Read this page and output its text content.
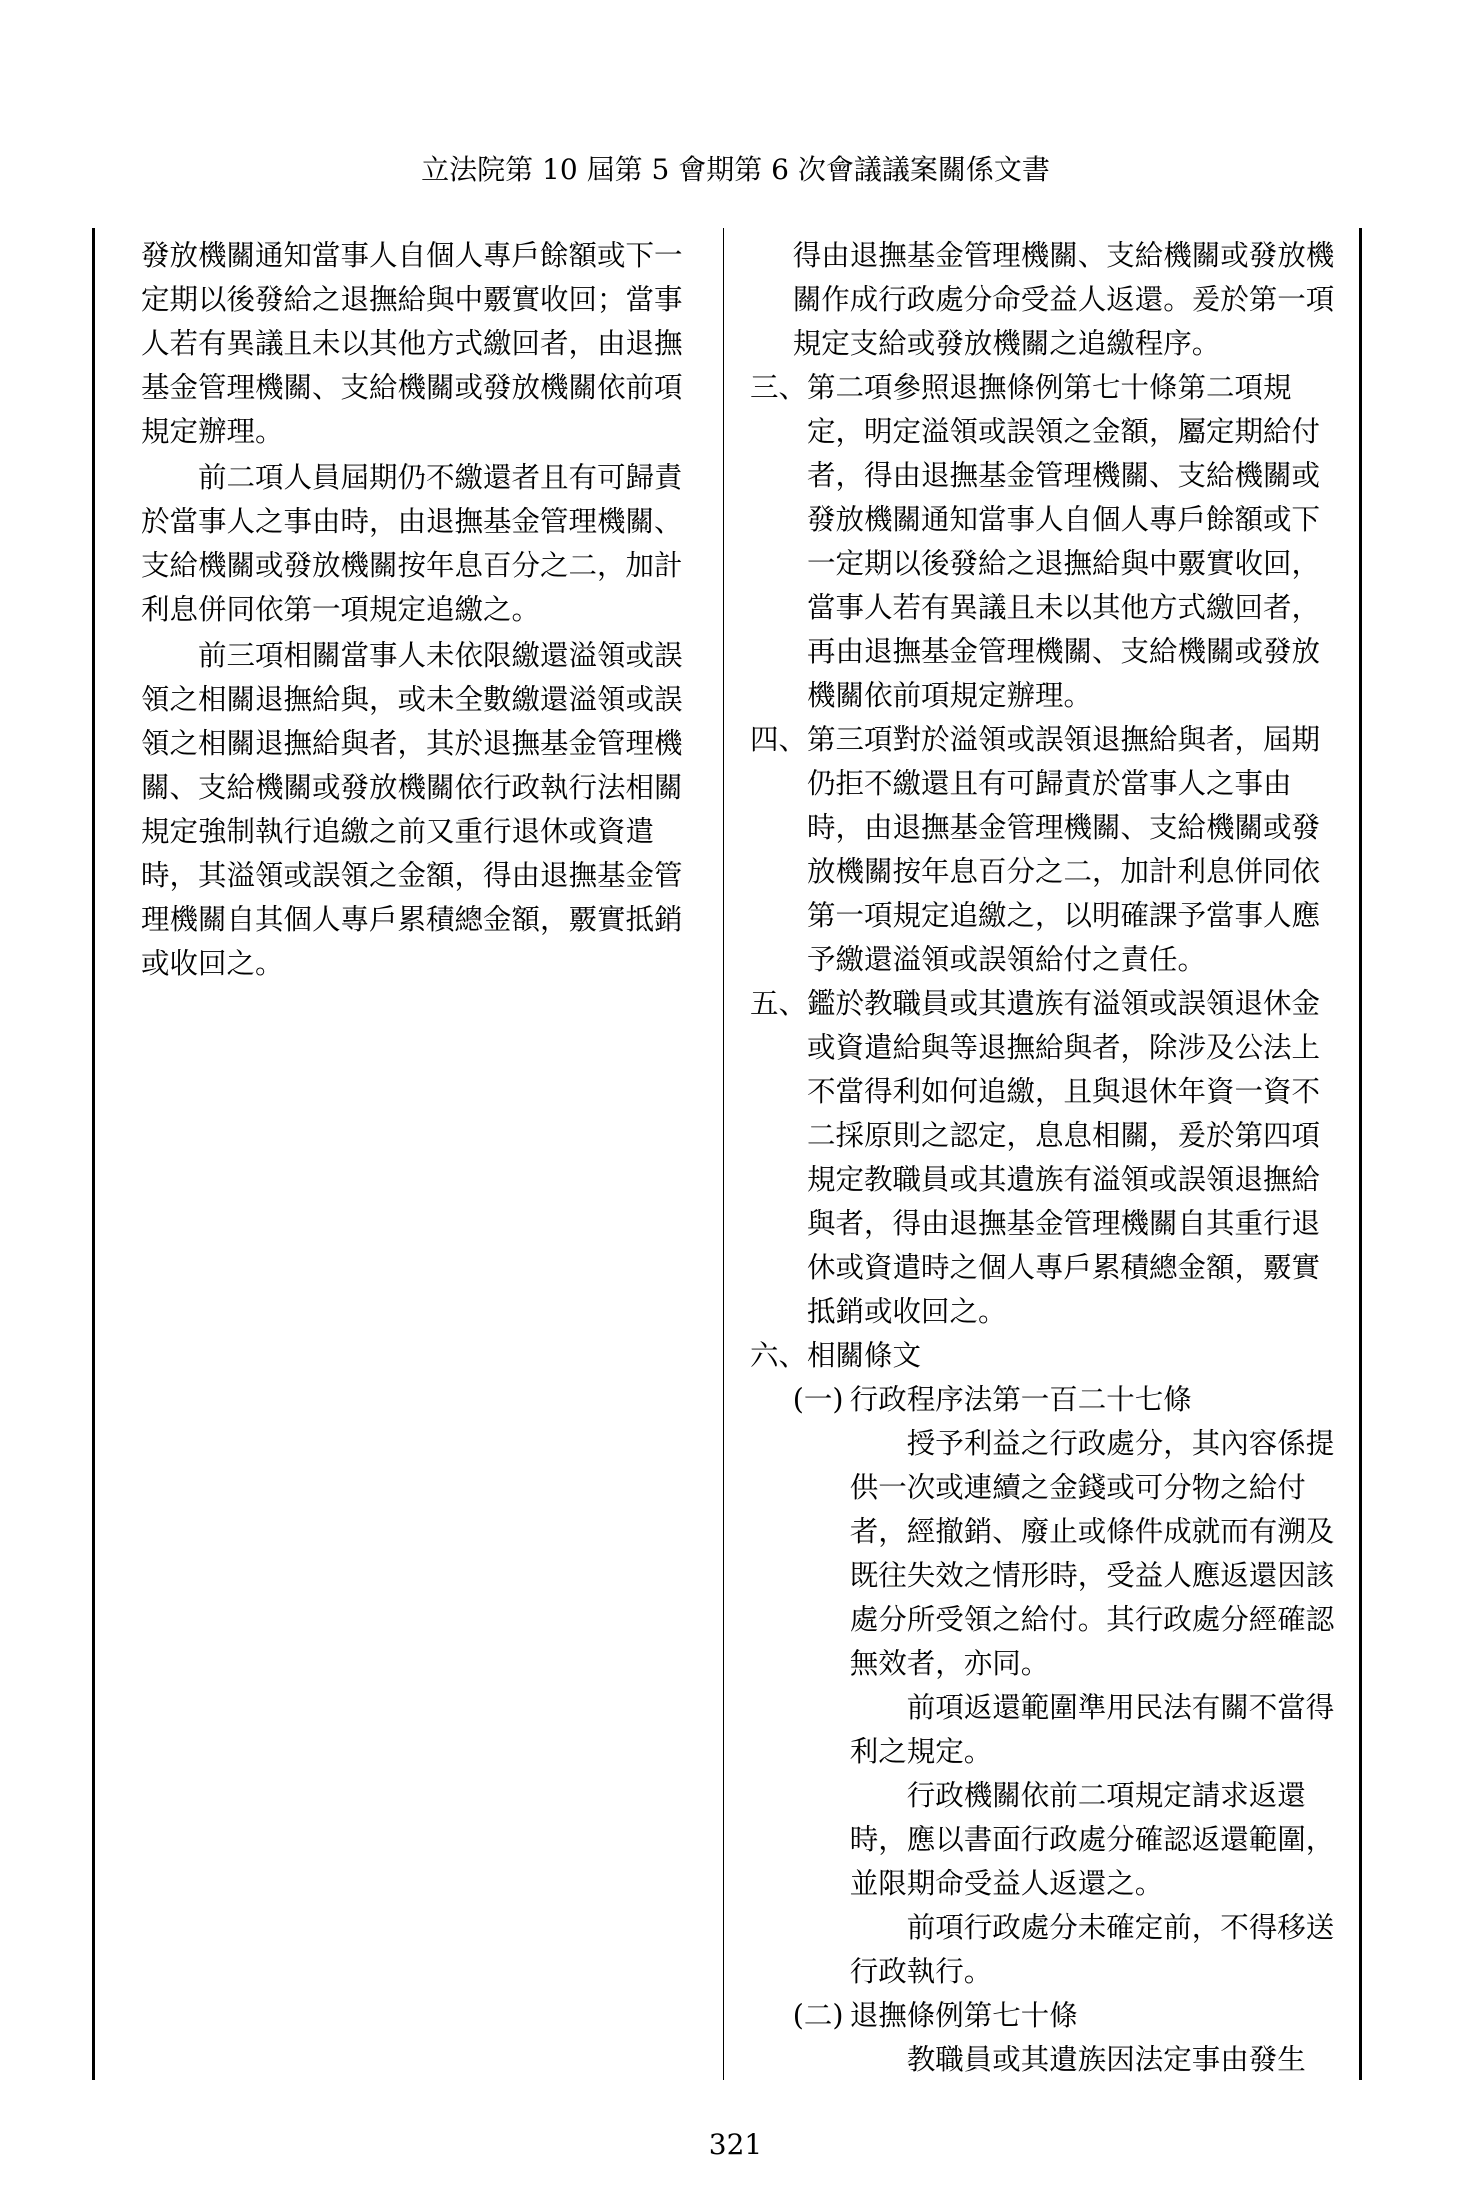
立法院第 10 屆第 5 會期第 6 次會議議案關係文書

發放機關通知當事人自個人專戶餘額或下一定期以後發給之退撫給與中覈實收回；當事人若有異議且未以其他方式繳回者，由退撫基金管理機關、支給機關或發放機關依前項規定辦理。

前二項人員屆期仍不繳還者且有可歸責於當事人之事由時，由退撫基金管理機關、支給機關或發放機關按年息百分之二，加計利息併同依第一項規定追繳之。

前三項相關當事人未依限繳還溢領或誤領之相關退撫給與，或未全數繳還溢領或誤領之相關退撫給與者，其於退撫基金管理機關、支給機關或發放機關依行政執行法相關規定強制執行追繳之前又重行退休或資遣時，其溢領或誤領之金額，得由退撫基金管理機關自其個人專戶累積總金額，覈實抵銷或收回之。

得由退撫基金管理機關、支給機關或發放機關作成行政處分命受益人返還。爰於第一項規定支給或發放機關之追繳程序。

三、 第二項參照退撫條例第七十條第二項規定，明定溢領或誤領之金額，屬定期給付者，得由退撫基金管理機關、支給機關或發放機關通知當事人自個人專戶餘額或下一定期以後發給之退撫給與中覈實收回，當事人若有異議且未以其他方式繳回者，再由退撫基金管理機關、支給機關或發放機關依前項規定辦理。
四、 第三項對於溢領或誤領退撫給與者，屆期仍拒不繳還且有可歸責於當事人之事由時，由退撫基金管理機關、支給機關或發放機關按年息百分之二，加計利息併同依第一項規定追繳之，以明確課予當事人應予繳還溢領或誤領給付之責任。
五、 鑑於教職員或其遺族有溢領或誤領退休金或資遣給與等退撫給與者，除涉及公法上不當得利如何追繳，且與退休年資一資不二採原則之認定，息息相關，爰於第四項規定教職員或其遺族有溢領或誤領退撫給與者，得由退撫基金管理機關自其重行退休或資遣時之個人專戶累積總金額，覈實抵銷或收回之。
六、 相關條文
(一) 行政程序法第一百二十七條

授予利益之行政處分，其內容係提供一次或連續之金錢或可分物之給付者，經撤銷、廢止或條件成就而有溯及既往失效之情形時，受益人應返還因該處分所受領之給付。其行政處分經確認無效者，亦同。

前項返還範圍準用民法有關不當得利之規定。

行政機關依前二項規定請求返還時，應以書面行政處分確認返還範圍，並限期命受益人返還之。

前項行政處分未確定前，不得移送行政執行。

(二) 退撫條例第七十條

教職員或其遺族因法定事由發生

321
